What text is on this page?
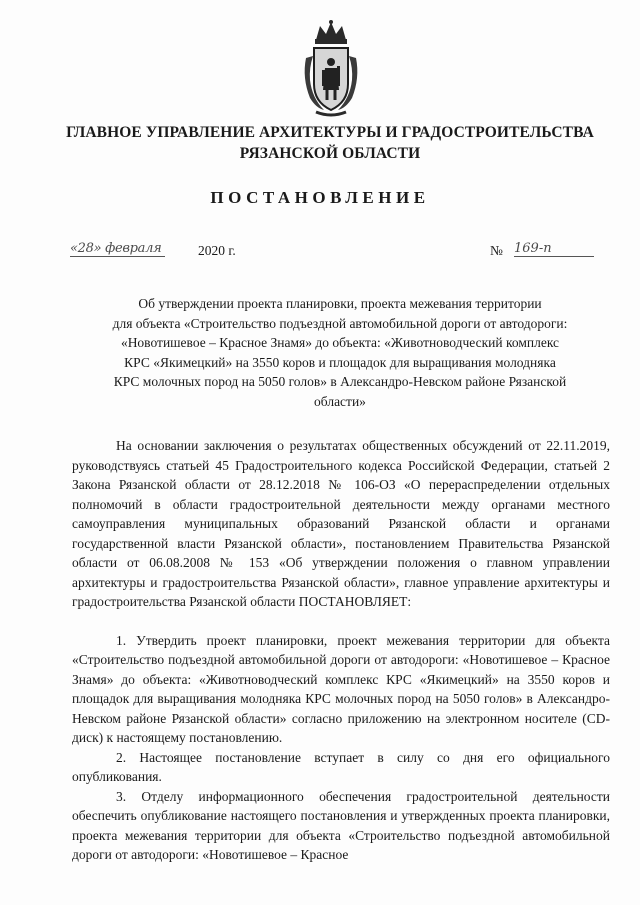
ГЛАВНОЕ УПРАВЛЕНИЕ АРХИТЕКТУРЫ И ГРАДОСТРОИТЕЛЬСТВА
РЯЗАНСКОЙ ОБЛАСТИ
ПОСТАНОВЛЕНИЕ
«28» февраля	2020 г.	№ 169-п
Об утверждении проекта планировки, проекта межевания территории
для объекта «Строительство подъездной автомобильной дороги от автодороги:
«Новотишевое – Красное Знамя» до объекта: «Животноводческий комплекс
КРС «Якимецкий» на 3550 коров и площадок для выращивания молодняка
КРС молочных пород на 5050 голов» в Александро-Невском районе Рязанской
области»

На основании заключения о результатах общественных обсуждений от 22.11.2019, руководствуясь статьей 45 Градостроительного кодекса Российской Федерации, статьей 2 Закона Рязанской области от 28.12.2018 № 106-ОЗ «О перераспределении отдельных полномочий в области градостроительной деятельности между органами местного самоуправления муниципальных образований Рязанской области и органами государственной власти Рязанской области», постановлением Правительства Рязанской области от 06.08.2008 № 153 «Об утверждении положения о главном управлении архитектуры и градостроительства Рязанской области», главное управление архитектуры и градостроительства Рязанской области ПОСТАНОВЛЯЕТ:

1. Утвердить проект планировки, проект межевания территории для объекта «Строительство подъездной автомобильной дороги от автодороги: «Новотишевое – Красное Знамя» до объекта: «Животноводческий комплекс КРС «Якимецкий» на 3550 коров и площадок для выращивания молодняка КРС молочных пород на 5050 голов» в Александро-Невском районе Рязанской области» согласно приложению на электронном носителе (CD-диск) к настоящему постановлению.

2. Настоящее постановление вступает в силу со дня его официального опубликования.

3. Отделу информационного обеспечения градостроительной деятельности обеспечить опубликование настоящего постановления и утвержденных проекта планировки, проекта межевания территории для объекта «Строительство подъездной автомобильной дороги от автодороги: «Новотишевое – Красное
